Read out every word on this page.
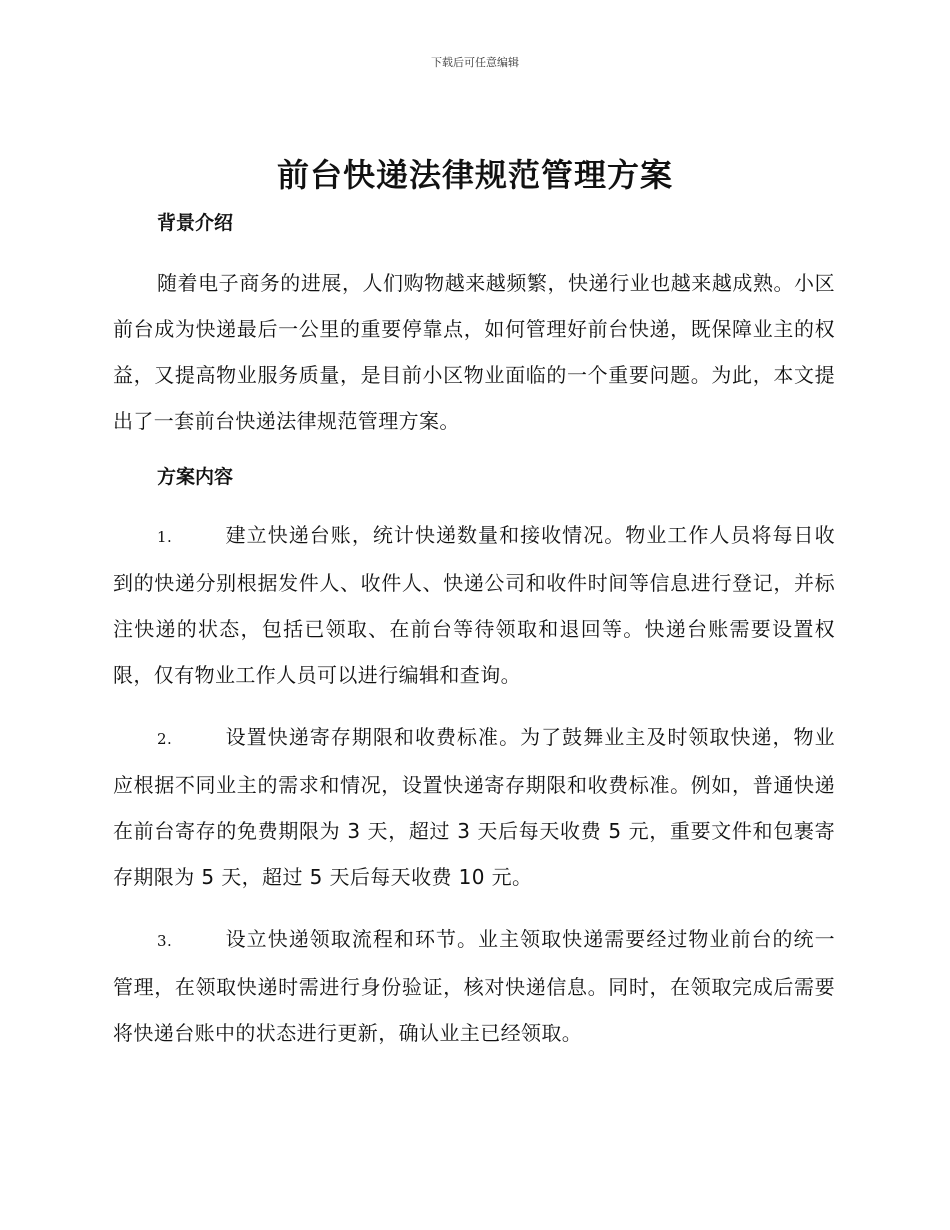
下载后可任意编辑
前台快递法律规范管理方案
背景介绍

随着电子商务的进展，人们购物越来越频繁，快递行业也越来越成熟。小区前台成为快递最后一公里的重要停靠点，如何管理好前台快递，既保障业主的权益，又提高物业服务质量，是目前小区物业面临的一个重要问题。为此，本文提出了一套前台快递法律规范管理方案。

方案内容

1.	建立快递台账，统计快递数量和接收情况。物业工作人员将每日收到的快递分别根据发件人、收件人、快递公司和收件时间等信息进行登记，并标注快递的状态，包括已领取、在前台等待领取和退回等。快递台账需要设置权限，仅有物业工作人员可以进行编辑和查询。

2.	设置快递寄存期限和收费标准。为了鼓舞业主及时领取快递，物业应根据不同业主的需求和情况，设置快递寄存期限和收费标准。例如，普通快递在前台寄存的免费期限为 3 天，超过 3 天后每天收费 5 元，重要文件和包裹寄存期限为 5 天，超过 5 天后每天收费 10 元。

3.	设立快递领取流程和环节。业主领取快递需要经过物业前台的统一管理，在领取快递时需进行身份验证，核对快递信息。同时，在领取完成后需要将快递台账中的状态进行更新，确认业主已经领取。
